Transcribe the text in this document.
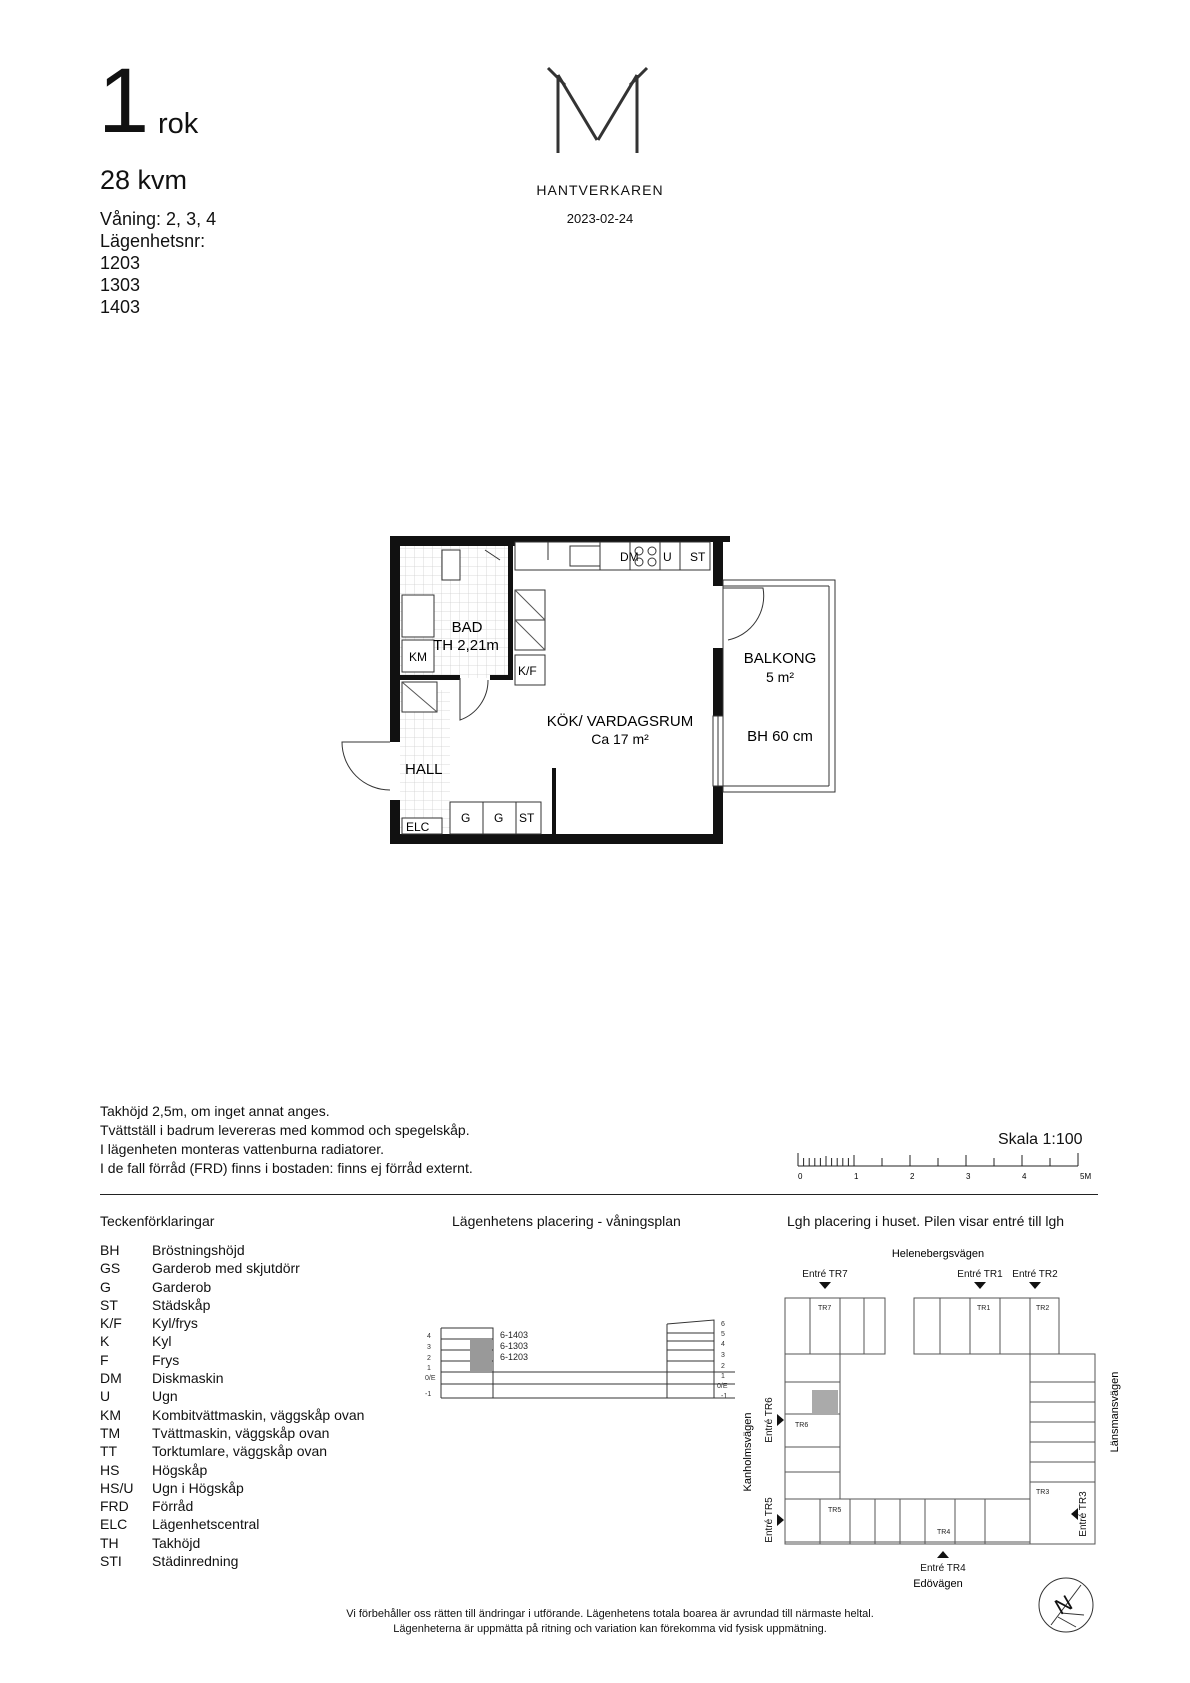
1 rok
28 kvm
Våning: 2, 3, 4
Lägenhetsnr:
1203
1303
1403
HANTVERKAREN
2023-02-24
DM U ST
BAD
TH 2,21m
KM
K/F
BALKONG
5 m²
KÖK/ VARDAGSRUM
Ca 17 m²	BH 60 cm
HALL
G G ST
ELC
Takhöjd 2,5m, om inget annat anges.
Tvättställ i badrum levereras med kommod och spegelskåp.
I lägenheten monteras vattenburna radiatorer.
I de fall förråd (FRD) finns i bostaden: finns ej förråd externt.
Skala 1:100
0	1	2	3	4	5M
Teckenförklaringar
BH	Bröstningshöjd
GS	Garderob med skjutdörr
G	Garderob
ST	Städskåp
K/F	Kyl/frys
K	Kyl
F	Frys
DM	Diskmaskin
U	Ugn
KM	Kombitvättmaskin, väggskåp ovan
TM	Tvättmaskin, väggskåp ovan
TT	Torktumlare, väggskåp ovan
HS	Högskåp
HS/U	Ugn i Högskåp
FRD	Förråd
ELC	Lägenhetscentral
TH	Takhöjd
STI	Städinredning
Lägenhetens placering - våningsplan
4
3
2
1
0/E
-1
6
5
4
3
2
1
0/E
-1
6-1403
6-1303
6-1203
Lgh placering i huset. Pilen visar entré till lgh
Helenebergsvägen
Edövägen
Kanholmsvägen	Länsmansvägen
TR7	TR1	TR2
TR6
TR5
TR4
TR3
Entré TR7	Entré TR1 Entré TR2
Entré TR6
Entré TR5	Entré TR3
Entré TR4
N
Vi förbehåller oss rätten till ändringar i utförande. Lägenhetens totala boarea är avrundad till närmaste heltal.
Lägenheterna är uppmätta på ritning och variation kan förekomma vid fysisk uppmätning.
